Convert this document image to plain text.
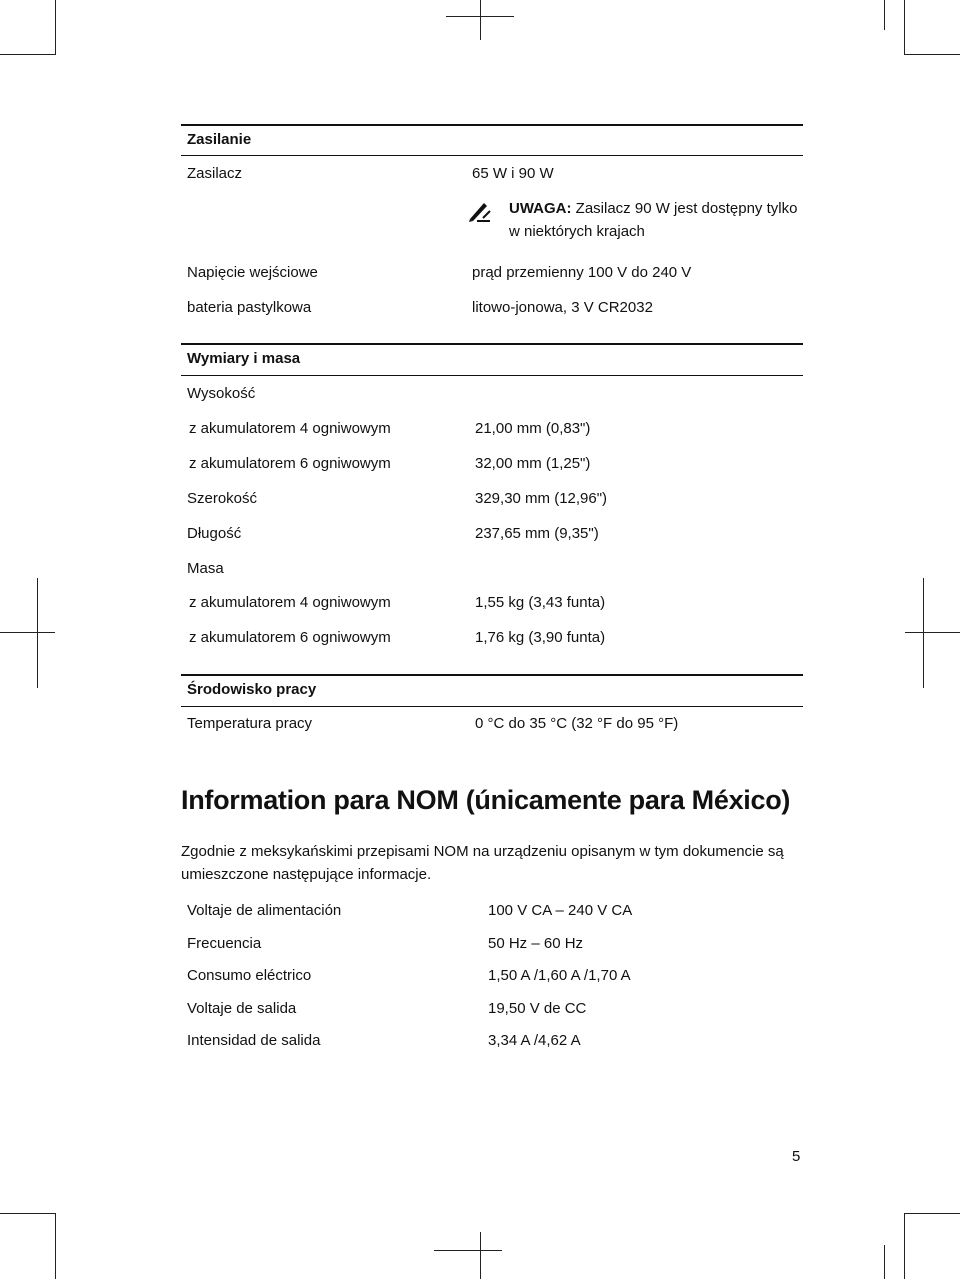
Zasilanie
Zasilacz	65 W i 90 W
UWAGA: Zasilacz 90 W jest dostępny tylko
w niektórych krajach
Napięcie wejściowe	prąd przemienny 100 V do 240 V
bateria pastylkowa	litowo-jonowa, 3 V CR2032
Wymiary i masa
Wysokość
z akumulatorem 4 ogniwowym	21,00 mm (0,83")
z akumulatorem 6 ogniwowym	32,00 mm (1,25")
Szerokość	329,30 mm (12,96")
Długość	237,65 mm (9,35")
Masa
z akumulatorem 4 ogniwowym	1,55 kg (3,43 funta)
z akumulatorem 6 ogniwowym	1,76 kg (3,90 funta)
Środowisko pracy
Temperatura pracy	0 °C do 35 °C (32 °F do 95 °F)
Information para NOM (únicamente para México)
Zgodnie z meksykańskimi przepisami NOM na urządzeniu opisanym w tym dokumencie są umieszczone następujące informacje.
Voltaje de alimentación	100 V CA – 240 V CA
Frecuencia	50 Hz – 60 Hz
Consumo eléctrico	1,50 A /1,60 A /1,70 A
Voltaje de salida	19,50 V de CC
Intensidad de salida	3,34 A /4,62 A
5
